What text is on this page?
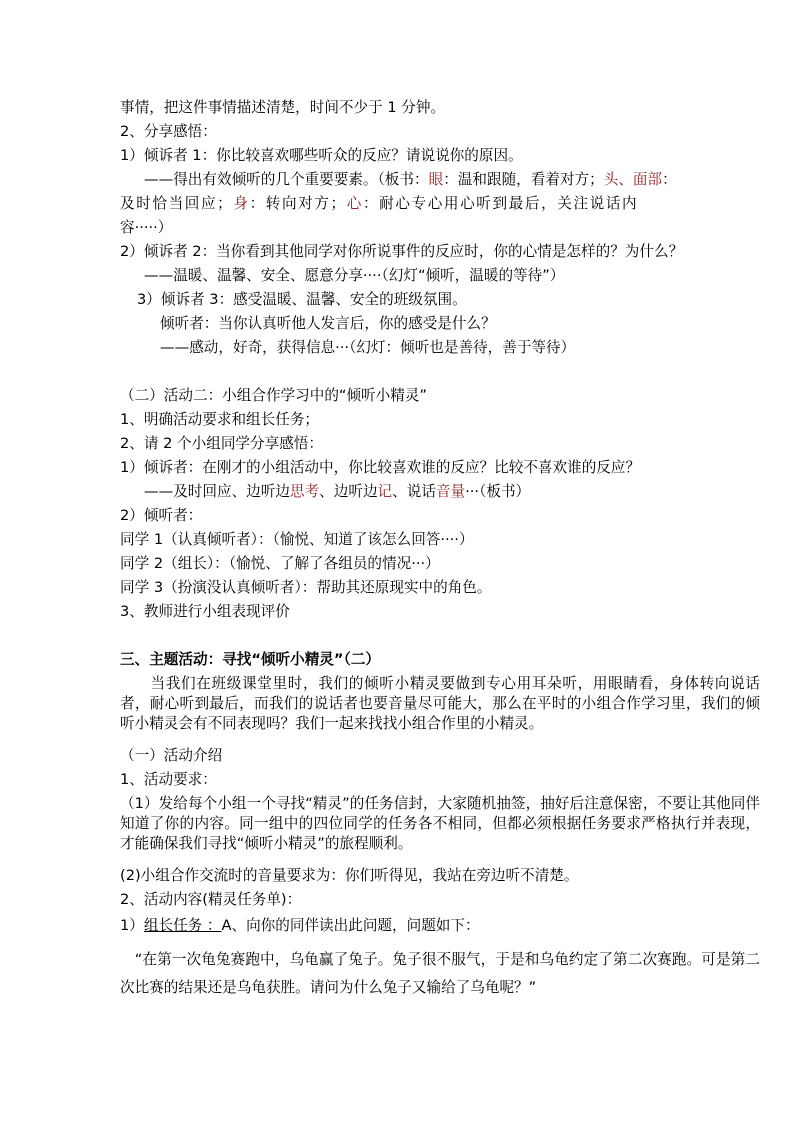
事情，把这件事情描述清楚，时间不少于 1 分钟。
2、分享感悟：
1）倾诉者 1：你比较喜欢哪些听众的反应？请说说你的原因。
——得出有效倾听的几个重要要素。（板书：眼：温和跟随，看着对方；头、面部：
及时恰当回应；身：转向对方；心：耐心专心用心听到最后，关注说话内
容·····）
2）倾诉者 2：当你看到其他同学对你所说事件的反应时，你的心情是怎样的？为什么？
——温暖、温馨、安全、愿意分享····（幻灯“倾听，温暖的等待”）
3）倾诉者 3：感受温暖、温馨、安全的班级氛围。
倾听者：当你认真听他人发言后，你的感受是什么？
——感动，好奇，获得信息···（幻灯：倾听也是善待，善于等待）
（二）活动二：小组合作学习中的“倾听小精灵”
1、明确活动要求和组长任务；
2、请 2 个小组同学分享感悟：
1）倾诉者：在刚才的小组活动中，你比较喜欢谁的反应？比较不喜欢谁的反应？
——及时回应、边听边思考、边听边记、说话音量···（板书）
2）倾听者：
同学 1（认真倾听者）：（愉悦、知道了该怎么回答····）
同学 2（组长）：（愉悦、了解了各组员的情况···）
同学 3（扮演没认真倾听者）：帮助其还原现实中的角色。
3、教师进行小组表现评价
三、主题活动：寻找“倾听小精灵”（二）
　　当我们在班级课堂里时，我们的倾听小精灵要做到专心用耳朵听，用眼睛看，身体转向说话者，耐心听到最后，而我们的说话者也要音量尽可能大，那么在平时的小组合作学习里，我们的倾听小精灵会有不同表现吗？我们一起来找找小组合作里的小精灵。
（一）活动介绍
1、活动要求：
（1）发给每个小组一个寻找“精灵”的任务信封，大家随机抽签，抽好后注意保密，不要让其他同伴知道了你的内容。同一组中的四位同学的任务各不相同，但都必须根据任务要求严格执行并表现，才能确保我们寻找“倾听小精灵”的旅程顺利。
(2)小组合作交流时的音量要求为：你们听得见，我站在旁边听不清楚。
2、活动内容(精灵任务单)：
1）组长任务 ：A、向你的同伴读出此问题，问题如下：
　“在第一次龟兔赛跑中，乌龟赢了兔子。兔子很不服气，于是和乌龟约定了第二次赛跑。可是第二次比赛的结果还是乌龟获胜。请问为什么兔子又输给了乌龟呢？”
